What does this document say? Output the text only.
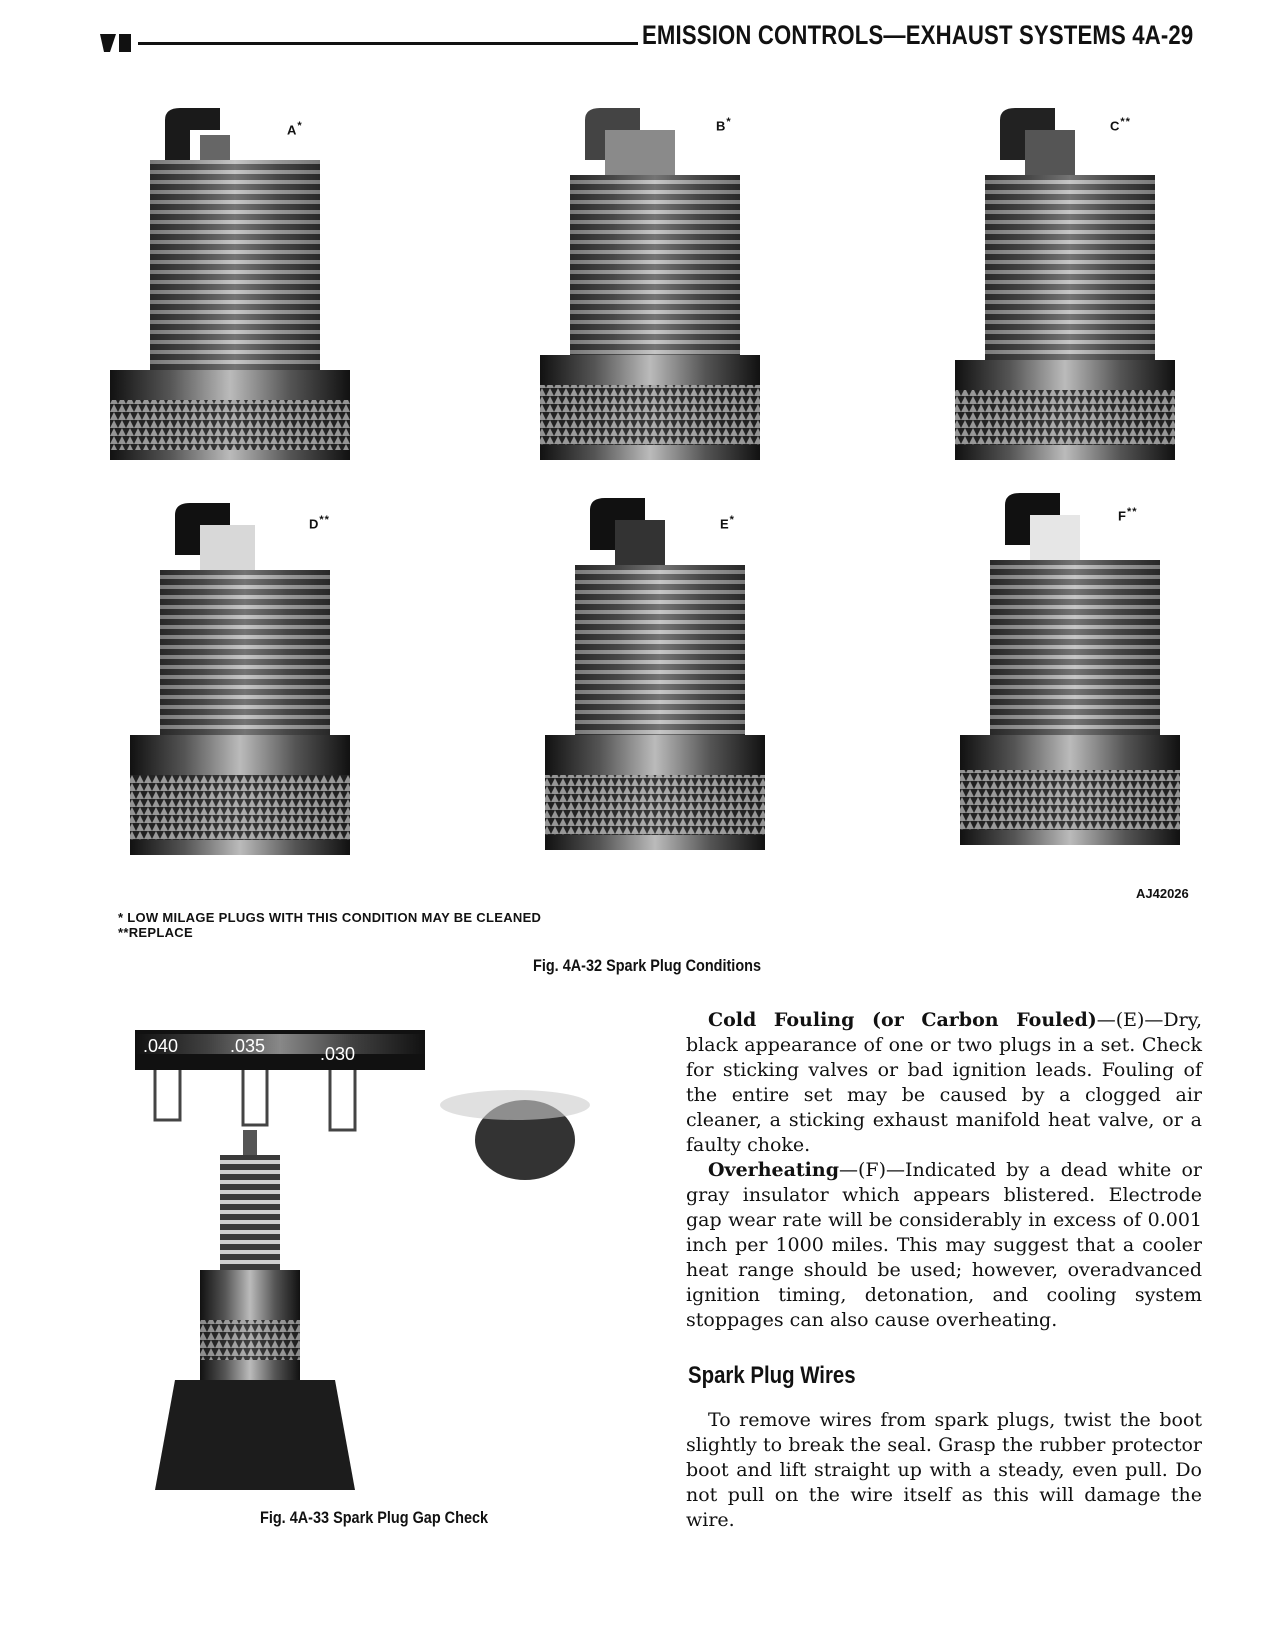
EMISSION CONTROLS—EXHAUST SYSTEMS 4A-29
A*	B*	C**
D**	E*	F**
AJ42026
* LOW MILAGE PLUGS WITH THIS CONDITION MAY BE CLEANED
**REPLACE
Fig. 4A-32 Spark Plug Conditions
.040	.035	.030
Fig. 4A-33 Spark Plug Gap Check

Cold Fouling (or Carbon Fouled)—(E)—Dry, black appearance of one or two plugs in a set. Check for sticking valves or bad ignition leads. Fouling of the entire set may be caused by a clogged air cleaner, a sticking exhaust manifold heat valve, or a faulty choke.

Overheating—(F)—Indicated by a dead white or gray insulator which appears blistered. Electrode gap wear rate will be considerably in excess of 0.001 inch per 1000 miles. This may suggest that a cooler heat range should be used; however, overadvanced ignition timing, detonation, and cooling system stoppages can also cause overheating.

Spark Plug Wires

To remove wires from spark plugs, twist the boot slightly to break the seal. Grasp the rubber protector boot and lift straight up with a steady, even pull. Do not pull on the wire itself as this will damage the wire.
